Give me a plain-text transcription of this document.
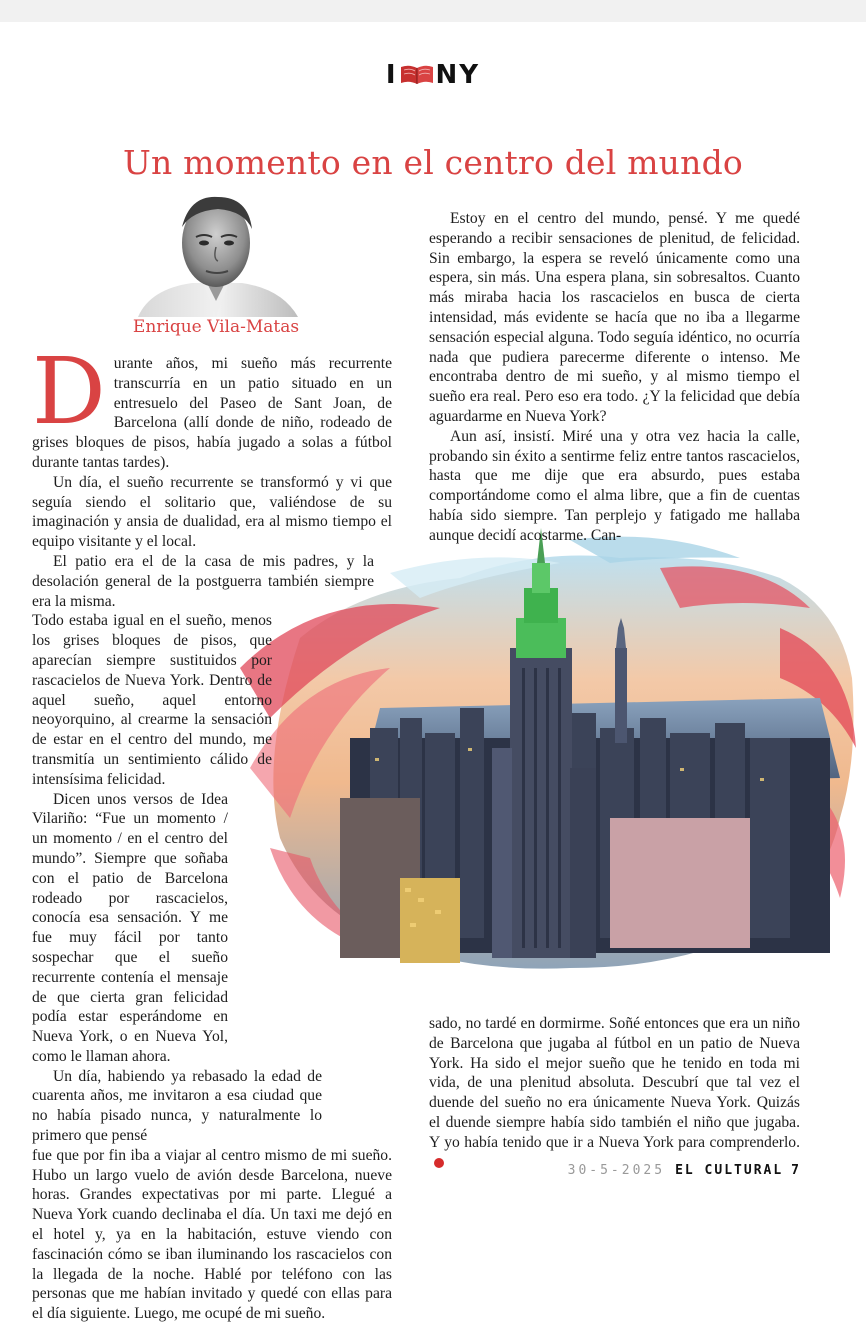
I NY
Un momento en el centro del mundo
Enrique Vila-Matas

Durante años, mi sueño más recurrente transcurría en un patio situado en un entresuelo del Paseo de Sant Joan, de Barcelona (allí donde de niño, rodeado de grises bloques de pisos, había jugado a solas a fútbol durante tantas tardes).

Un día, el sueño recurrente se transformó y vi que seguía siendo el solitario que, valiéndose de su imaginación y ansia de dualidad, era al mismo tiempo el equipo visitante y el local.

El patio era el de la casa de mis padres, y la desolación general de la postguerra también siempre era la misma.

Todo estaba igual en el sueño, menos los grises bloques de pisos, que aparecían siempre sustituidos por rascacielos de Nueva York. Dentro de aquel sueño, aquel entorno neoyorquino, al crearme la sensación de estar en el centro del mundo, me transmitía un sentimiento cálido de intensísima felicidad.

Dicen unos versos de Idea Vilariño: “Fue un momento / un momento / en el centro del mundo”. Siempre que soñaba con el patio de Barcelona rodeado por rascacielos, conocía esa sensación. Y me fue muy fácil por tanto sospechar que el sueño recurrente contenía el mensaje de que cierta gran felicidad podía estar esperándome en Nueva York, o en Nueva Yol, como le llaman ahora.

Un día, habiendo ya rebasado la edad de cuarenta años, me invitaron a esa ciudad que no había pisado nunca, y naturalmente lo primero que pensé

fue que por fin iba a viajar al centro mismo de mi sueño. Hubo un largo vuelo de avión desde Barcelona, nueve horas. Grandes expectativas por mi parte. Llegué a Nueva York cuando declinaba el día. Un taxi me dejó en el hotel y, ya en la habitación, estuve viendo con fascinación cómo se iban iluminando los rascacielos con la llegada de la noche. Hablé por teléfono con las personas que me habían invitado y quedé con ellas para el día siguiente. Luego, me ocupé de mi sueño.

Estoy en el centro del mundo, pensé. Y me quedé esperando a recibir sensaciones de plenitud, de felicidad. Sin embargo, la espera se reveló únicamente como una espera, sin más. Una espera plana, sin sobresaltos. Cuanto más miraba hacia los rascacielos en busca de cierta intensidad, más evidente se hacía que no iba a llegarme sensación especial alguna. Todo seguía idéntico, no ocurría nada que pudiera parecerme diferente o intenso. Me encontraba dentro de mi sueño, y al mismo tiempo el sueño era real. Pero eso era todo. ¿Y la felicidad que debía aguardarme en Nueva York?

Aun así, insistí. Miré una y otra vez hacia la calle, probando sin éxito a sentirme feliz entre tantos rascacielos, hasta que me dije que era absurdo, pues estaba comportándome como el alma libre, que a fin de cuentas había sido siempre. Tan perplejo y fatigado me hallaba aunque decidí acostarme. Can-

sado, no tardé en dormirme. Soñé entonces que era un niño de Barcelona que jugaba al fútbol en un patio de Nueva York. Ha sido el mejor sueño que he tenido en toda mi vida, de una plenitud absoluta. Descubrí que tal vez el duende del sueño no era únicamente Nueva York. Quizás el duende siempre había sido también el niño que jugaba. Y yo había tenido que ir a Nueva York para comprenderlo.

30-5-2025 EL CULTURAL 7
